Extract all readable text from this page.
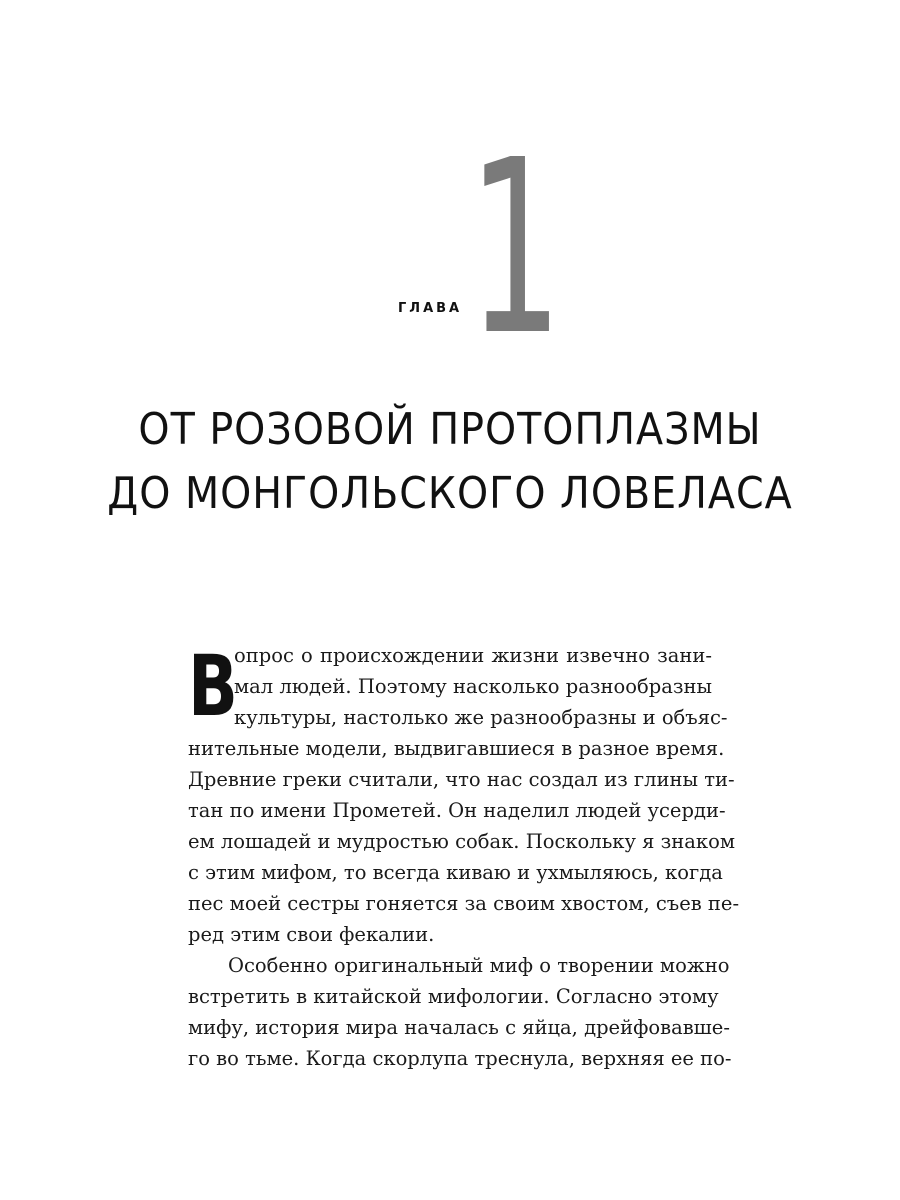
ГЛАВА 1
ОТ РОЗОВОЙ ПРОТОПЛАЗМЫ
ДО МОНГОЛЬСКОГО ЛОВЕЛАСА
В
опрос о происхождении жизни извечно зани-
мал людей. Поэтому насколько разнообразны
культуры, настолько же разнообразны и объяс-
нительные модели, выдвигавшиеся в разное время.
Древние греки считали, что нас создал из глины ти-
тан по имени Прометей. Он наделил людей усерди-
ем лошадей и мудростью собак. Поскольку я знаком
с этим мифом, то всегда киваю и ухмыляюсь, когда
пес моей сестры гоняется за своим хвостом, съев пе-
ред этим свои фекалии.
Особенно оригинальный миф о творении можно
встретить в китайской мифологии. Согласно этому
мифу, история мира началась с яйца, дрейфовавше-
го во тьме. Когда скорлупа треснула, верхняя ее по-
